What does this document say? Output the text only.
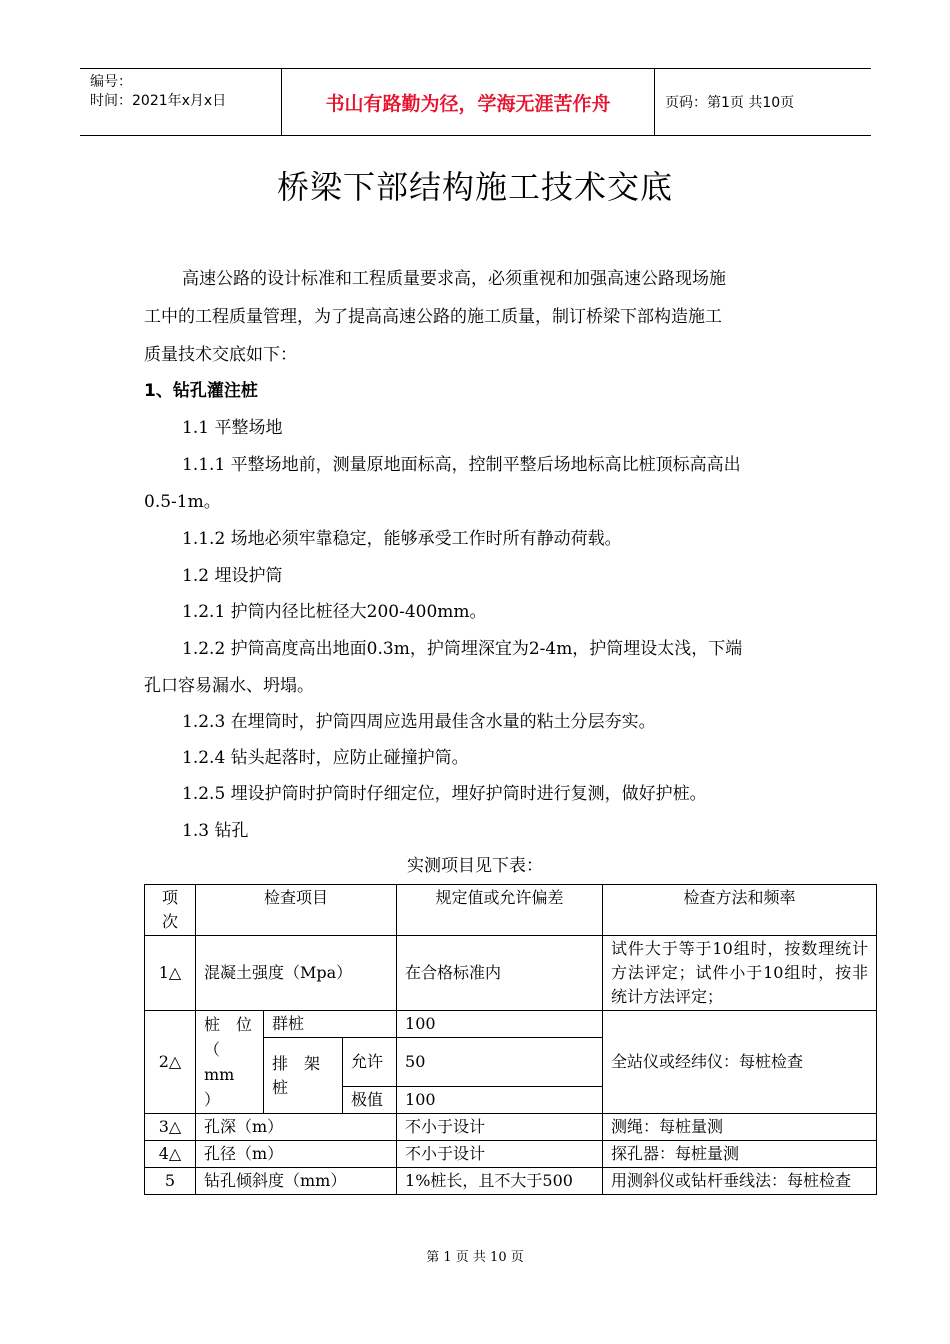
编号：
时间：2021年x月x日	书山有路勤为径，学海无涯苦作舟	页码：第1页 共10页
桥梁下部结构施工技术交底
高速公路的设计标准和工程质量要求高，必须重视和加强高速公路现场施
工中的工程质量管理，为了提高高速公路的施工质量，制订桥梁下部构造施工
质量技术交底如下：
1、钻孔灌注桩
1.1 平整场地
1.1.1 平整场地前，测量原地面标高，控制平整后场地标高比桩顶标高高出
0.5-1m。
1.1.2 场地必须牢靠稳定，能够承受工作时所有静动荷载。
1.2 埋设护筒
1.2.1 护筒内径比桩径大200-400mm。
1.2.2 护筒高度高出地面0.3m，护筒埋深宜为2-4m，护筒埋设太浅，下端
孔口容易漏水、坍塌。
1.2.3 在埋筒时，护筒四周应选用最佳含水量的粘土分层夯实。
1.2.4 钻头起落时，应防止碰撞护筒。
1.2.5 埋设护筒时护筒时仔细定位，埋好护筒时进行复测，做好护桩。
1.3 钻孔
实测项目见下表：
项
次	检查项目			规定值或允许偏差	检查方法和频率
1△	混凝土强度（Mpa）			在合格标准内	试件大于等于10组时，按数理统计方法评定；试件小于10组时，按非统计方法评定；
2△	桩　位
（　mm
）	群桩		100	全站仪或经纬仪：每桩检查

		排　架
桩	允许	50	
			极值	100	
3△	孔深（m）			不小于设计	测绳：每桩量测
4△	孔径（m）			不小于设计	探孔器：每桩量测
5	钻孔倾斜度（mm）			1%桩长，且不大于500	用测斜仪或钻杆垂线法：每桩检查
第 1 页 共 10 页
